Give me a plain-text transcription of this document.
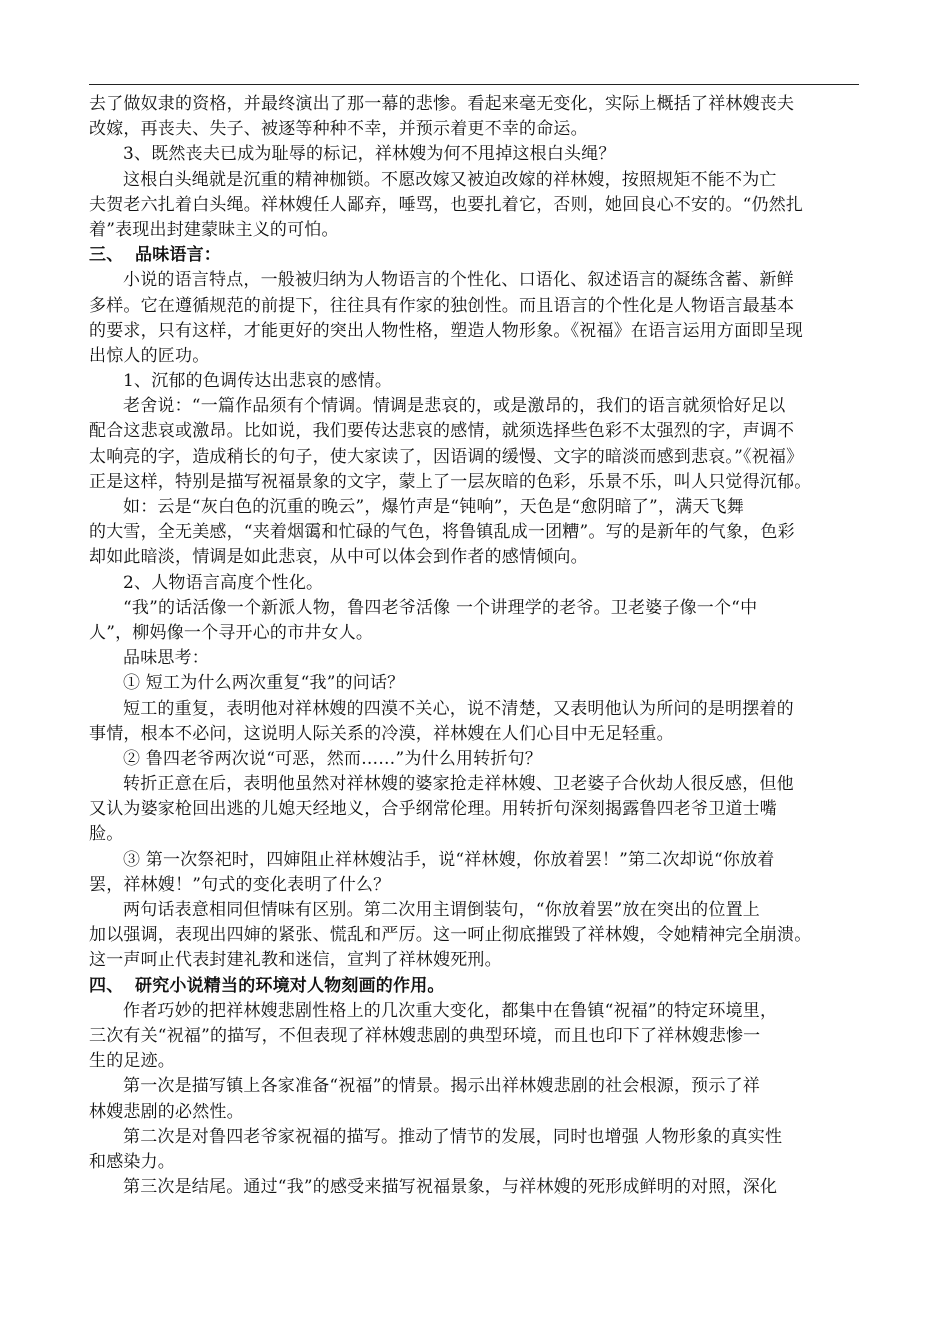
去了做奴隶的资格，并最终演出了那一幕的悲惨。看起来毫无变化，实际上概括了祥林嫂丧夫
改嫁，再丧夫、失子、被逐等种种不幸，并预示着更不幸的命运。
3、既然丧夫已成为耻辱的标记，祥林嫂为何不甩掉这根白头绳？
这根白头绳就是沉重的精神枷锁。不愿改嫁又被迫改嫁的祥林嫂，按照规矩不能不为亡
夫贺老六扎着白头绳。祥林嫂任人鄙弃，唾骂，也要扎着它，否则，她回良心不安的。“仍然扎
着”表现出封建蒙昧主义的可怕。
三、 品味语言：
小说的语言特点，一般被归纳为人物语言的个性化、口语化、叙述语言的凝练含蓄、新鲜
多样。它在遵循规范的前提下，往往具有作家的独创性。而且语言的个性化是人物语言最基本
的要求，只有这样，才能更好的突出人物性格，塑造人物形象。《祝福》在语言运用方面即呈现
出惊人的匠功。
1、沉郁的色调传达出悲哀的感情。
老舍说：“一篇作品须有个情调。情调是悲哀的，或是激昂的，我们的语言就须恰好足以
配合这悲哀或激昂。比如说，我们要传达悲哀的感情，就须选择些色彩不太强烈的字，声调不
太响亮的字，造成稍长的句子，使大家读了，因语调的缓慢、文字的暗淡而感到悲哀。”《祝福》
正是这样，特别是描写祝福景象的文字，蒙上了一层灰暗的色彩，乐景不乐，叫人只觉得沉郁。
如：云是“灰白色的沉重的晚云”，爆竹声是“钝响”，天色是“愈阴暗了”，满天飞舞
的大雪，全无美感，“夹着烟霭和忙碌的气色，将鲁镇乱成一团糟”。写的是新年的气象，色彩
却如此暗淡，情调是如此悲哀，从中可以体会到作者的感情倾向。
2、人物语言高度个性化。
“我”的话活像一个新派人物，鲁四老爷活像 一个讲理学的老爷。卫老婆子像一个“中
人”，柳妈像一个寻开心的市井女人。
品味思考：
① 短工为什么两次重复“我”的问话？
短工的重复，表明他对祥林嫂的四漠不关心，说不清楚，又表明他认为所问的是明摆着的
事情，根本不必问，这说明人际关系的冷漠，祥林嫂在人们心目中无足轻重。
② 鲁四老爷两次说“可恶，然而……”为什么用转折句？
转折正意在后，表明他虽然对祥林嫂的婆家抢走祥林嫂、卫老婆子合伙劫人很反感，但他
又认为婆家枪回出逃的儿媳天经地义，合乎纲常伦理。用转折句深刻揭露鲁四老爷卫道士嘴
脸。
③ 第一次祭祀时，四婶阻止祥林嫂沾手，说“祥林嫂，你放着罢！”第二次却说“你放着
罢，祥林嫂！”句式的变化表明了什么？
两句话表意相同但情味有区别。第二次用主谓倒装句，“你放着罢”放在突出的位置上
加以强调，表现出四婶的紧张、慌乱和严厉。这一呵止彻底摧毁了祥林嫂，令她精神完全崩溃。
这一声呵止代表封建礼教和迷信，宣判了祥林嫂死刑。
四、 研究小说精当的环境对人物刻画的作用。
作者巧妙的把祥林嫂悲剧性格上的几次重大变化，都集中在鲁镇“祝福”的特定环境里，
三次有关“祝福”的描写，不但表现了祥林嫂悲剧的典型环境，而且也印下了祥林嫂悲惨一
生的足迹。
第一次是描写镇上各家准备“祝福”的情景。揭示出祥林嫂悲剧的社会根源，预示了祥
林嫂悲剧的必然性。
第二次是对鲁四老爷家祝福的描写。推动了情节的发展，同时也增强 人物形象的真实性
和感染力。
第三次是结尾。通过“我”的感受来描写祝福景象，与祥林嫂的死形成鲜明的对照，深化
